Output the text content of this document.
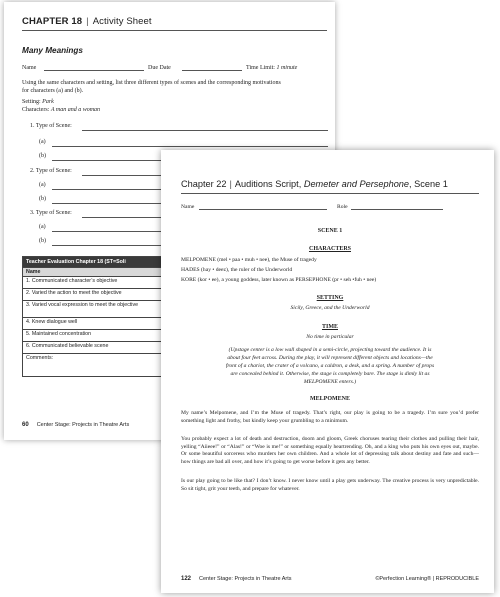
CHAPTER 18 | Activity Sheet
Many Meanings
Name	Due Date	Time Limit: 1 minute
Using the same characters and setting, list three different types of scenes and the corresponding motivations
for characters (a) and (b).
Setting: Park
Characters: A man and a woman
1. Type of Scene:
(a)
(b)
2. Type of Scene:
(a)
(b)
3. Type of Scene:
(a)
(b)
Teacher Evaluation Chapter 18 (ST=Soli
Name
1. Communicated character’s objective
2. Varied the action to meet the objective
3. Varied vocal expression to meet the objective
4. Knew dialogue well
5. Maintained concentration
6. Communicated believable scene
Comments:
60 Center Stage: Projects in Theatre Arts
Chapter 22 | Auditions Script, Demeter and Persephone, Scene 1
Name	Role
SCENE 1
CHARACTERS
MELPOMENE (mel • paa • muh • nee), the Muse of tragedy
HADES (hay • deez), the ruler of the Underworld
KORE (kor • ee), a young goddess, later known as PERSEPHONE (pr • seh •fuh • nee)
SETTING
Sicily, Greece, and the Underworld
TIME
No time in particular
(Upstage center is a low wall shaped in a semi-circle, projecting toward the audience. It is
about four feet across. During the play, it will represent different objects and locations—the
front of a chariot, the crater of a volcano, a caldron, a desk, and a spring. A number of props
are concealed behind it. Otherwise, the stage is completely bare. The stage is dimly lit as
MELPOMENE enters.)
MELPOMENE

My name’s Melpomene, and I’m the Muse of tragedy. That’s right, our play is going to be a tragedy. I’m sure you’d prefer something light and frothy, but kindly keep your grumbling to a minimum.

You probably expect a lot of death and destruction, doom and gloom, Greek choruses tearing their clothes and pulling their hair, yelling “Aiieee!” or “Alas!” or “Woe is me!” or something equally heartrending. Oh, and a king who puts his own eyes out, maybe. Or some beautiful sorceress who murders her own children. And a whole lot of depressing talk about destiny and fate and such—how things are bad all over, and how it’s going to get worse before it gets any better.

Is our play going to be like that? I don’t know. I never know until a play gets underway. The creative process is very unpredictable. So sit tight, grit your teeth, and prepare for whatever.

122 Center Stage: Projects in Theatre Arts	©Perfection Learning® | REPRODUCIBLE
